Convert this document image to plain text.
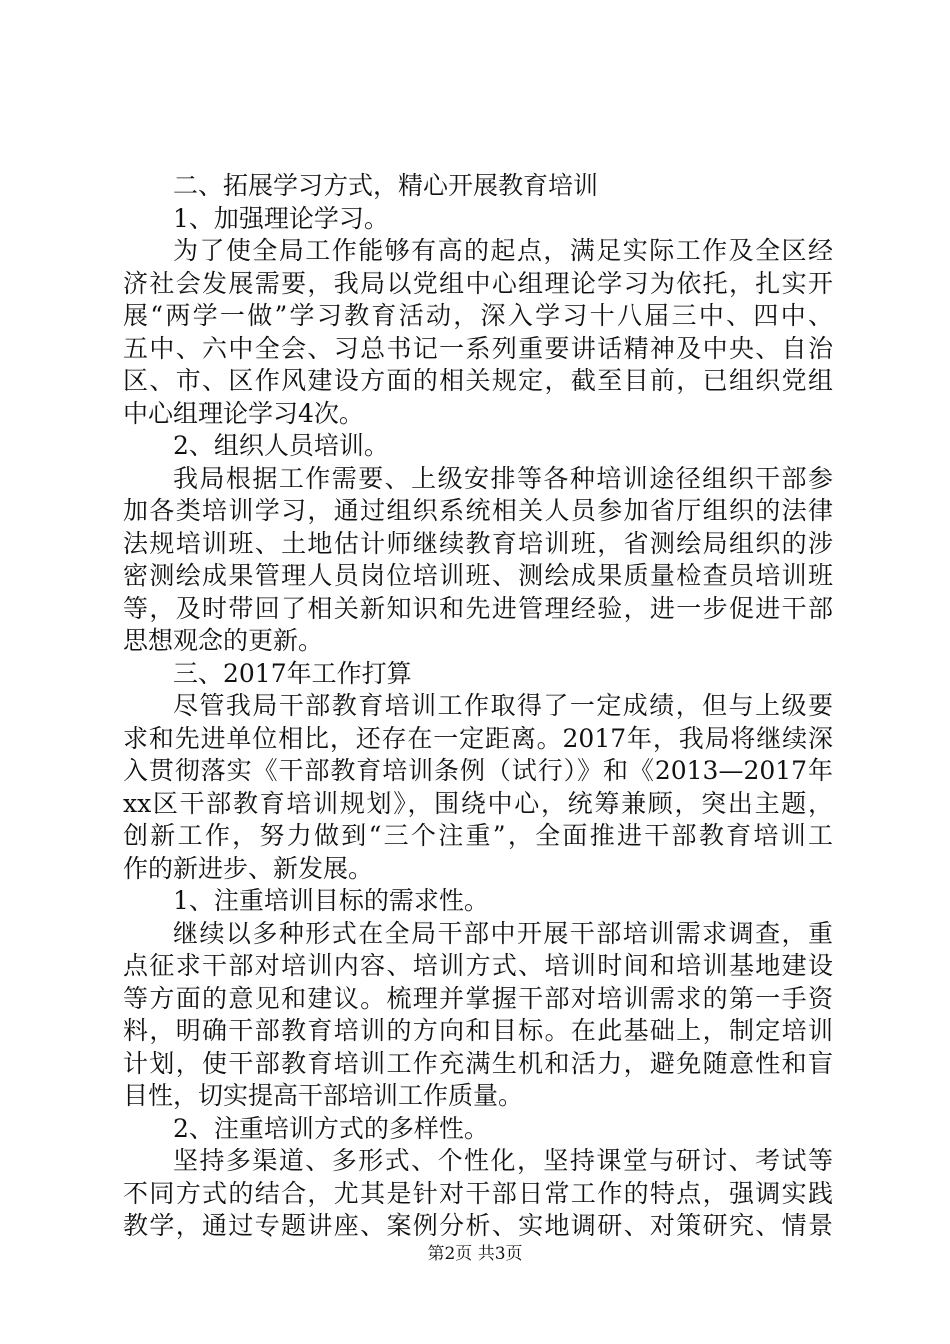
二、拓展学习方式，精心开展教育培训
1、加强理论学习。
为了使全局工作能够有高的起点，满足实际工作及全区经
济社会发展需要，我局以党组中心组理论学习为依托，扎实开
展“两学一做”学习教育活动，深入学习十八届三中、四中、
五中、六中全会、习总书记一系列重要讲话精神及中央、自治
区、市、区作风建设方面的相关规定，截至目前，已组织党组
中心组理论学习4次。
2、组织人员培训。
我局根据工作需要、上级安排等各种培训途径组织干部参
加各类培训学习，通过组织系统相关人员参加省厅组织的法律
法规培训班、土地估计师继续教育培训班，省测绘局组织的涉
密测绘成果管理人员岗位培训班、测绘成果质量检查员培训班
等，及时带回了相关新知识和先进管理经验，进一步促进干部
思想观念的更新。
三、2017年工作打算
尽管我局干部教育培训工作取得了一定成绩，但与上级要
求和先进单位相比，还存在一定距离。2017年，我局将继续深
入贯彻落实《干部教育培训条例（试行）》和《2013—2017年
xx区干部教育培训规划》，围绕中心，统筹兼顾，突出主题，
创新工作，努力做到“三个注重”，全面推进干部教育培训工
作的新进步、新发展。
1、注重培训目标的需求性。
继续以多种形式在全局干部中开展干部培训需求调查，重
点征求干部对培训内容、培训方式、培训时间和培训基地建设
等方面的意见和建议。梳理并掌握干部对培训需求的第一手资
料，明确干部教育培训的方向和目标。在此基础上，制定培训
计划，使干部教育培训工作充满生机和活力，避免随意性和盲
目性，切实提高干部培训工作质量。
2、注重培训方式的多样性。
坚持多渠道、多形式、个性化，坚持课堂与研讨、考试等
不同方式的结合，尤其是针对干部日常工作的特点，强调实践
教学，通过专题讲座、案例分析、实地调研、对策研究、情景
第2页 共3页
